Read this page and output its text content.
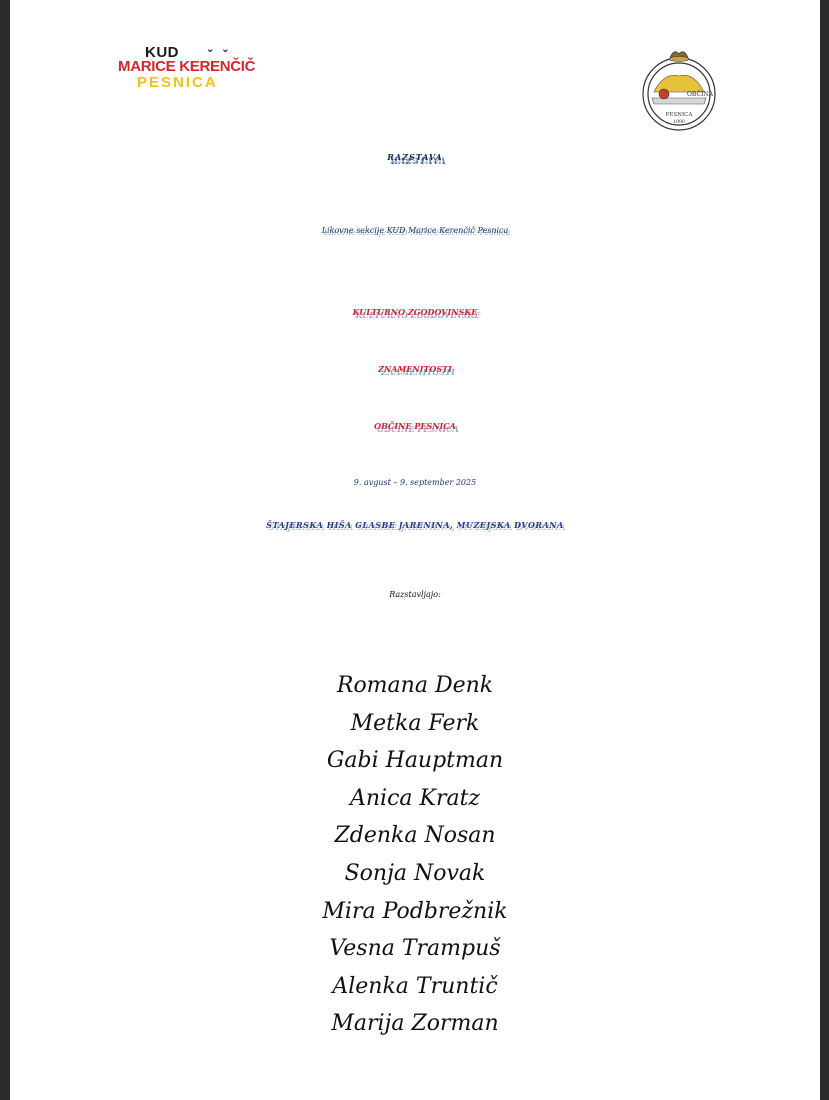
KUD	⌄ ⌄
MARICE KERENČIČ
PESNICA
OBČINA
PESNICA
1990
RAZSTAVA
Likovne sekcije KUD Marice Kerenčič Pesnica
KULTURNO ZGODOVINSKE
ZNAMENITOSTI
OBČINE PESNICA
9. avgust – 9. september 2025
ŠTAJERSKA HIŠA GLASBE JARENINA, MUZEJSKA DVORANA
Razstavljajo:
Romana Denk
Metka Ferk
Gabi Hauptman
Anica Kratz
Zdenka Nosan
Sonja Novak
Mira Podbrežnik
Vesna Trampuš
Alenka Truntič
Marija Zorman
